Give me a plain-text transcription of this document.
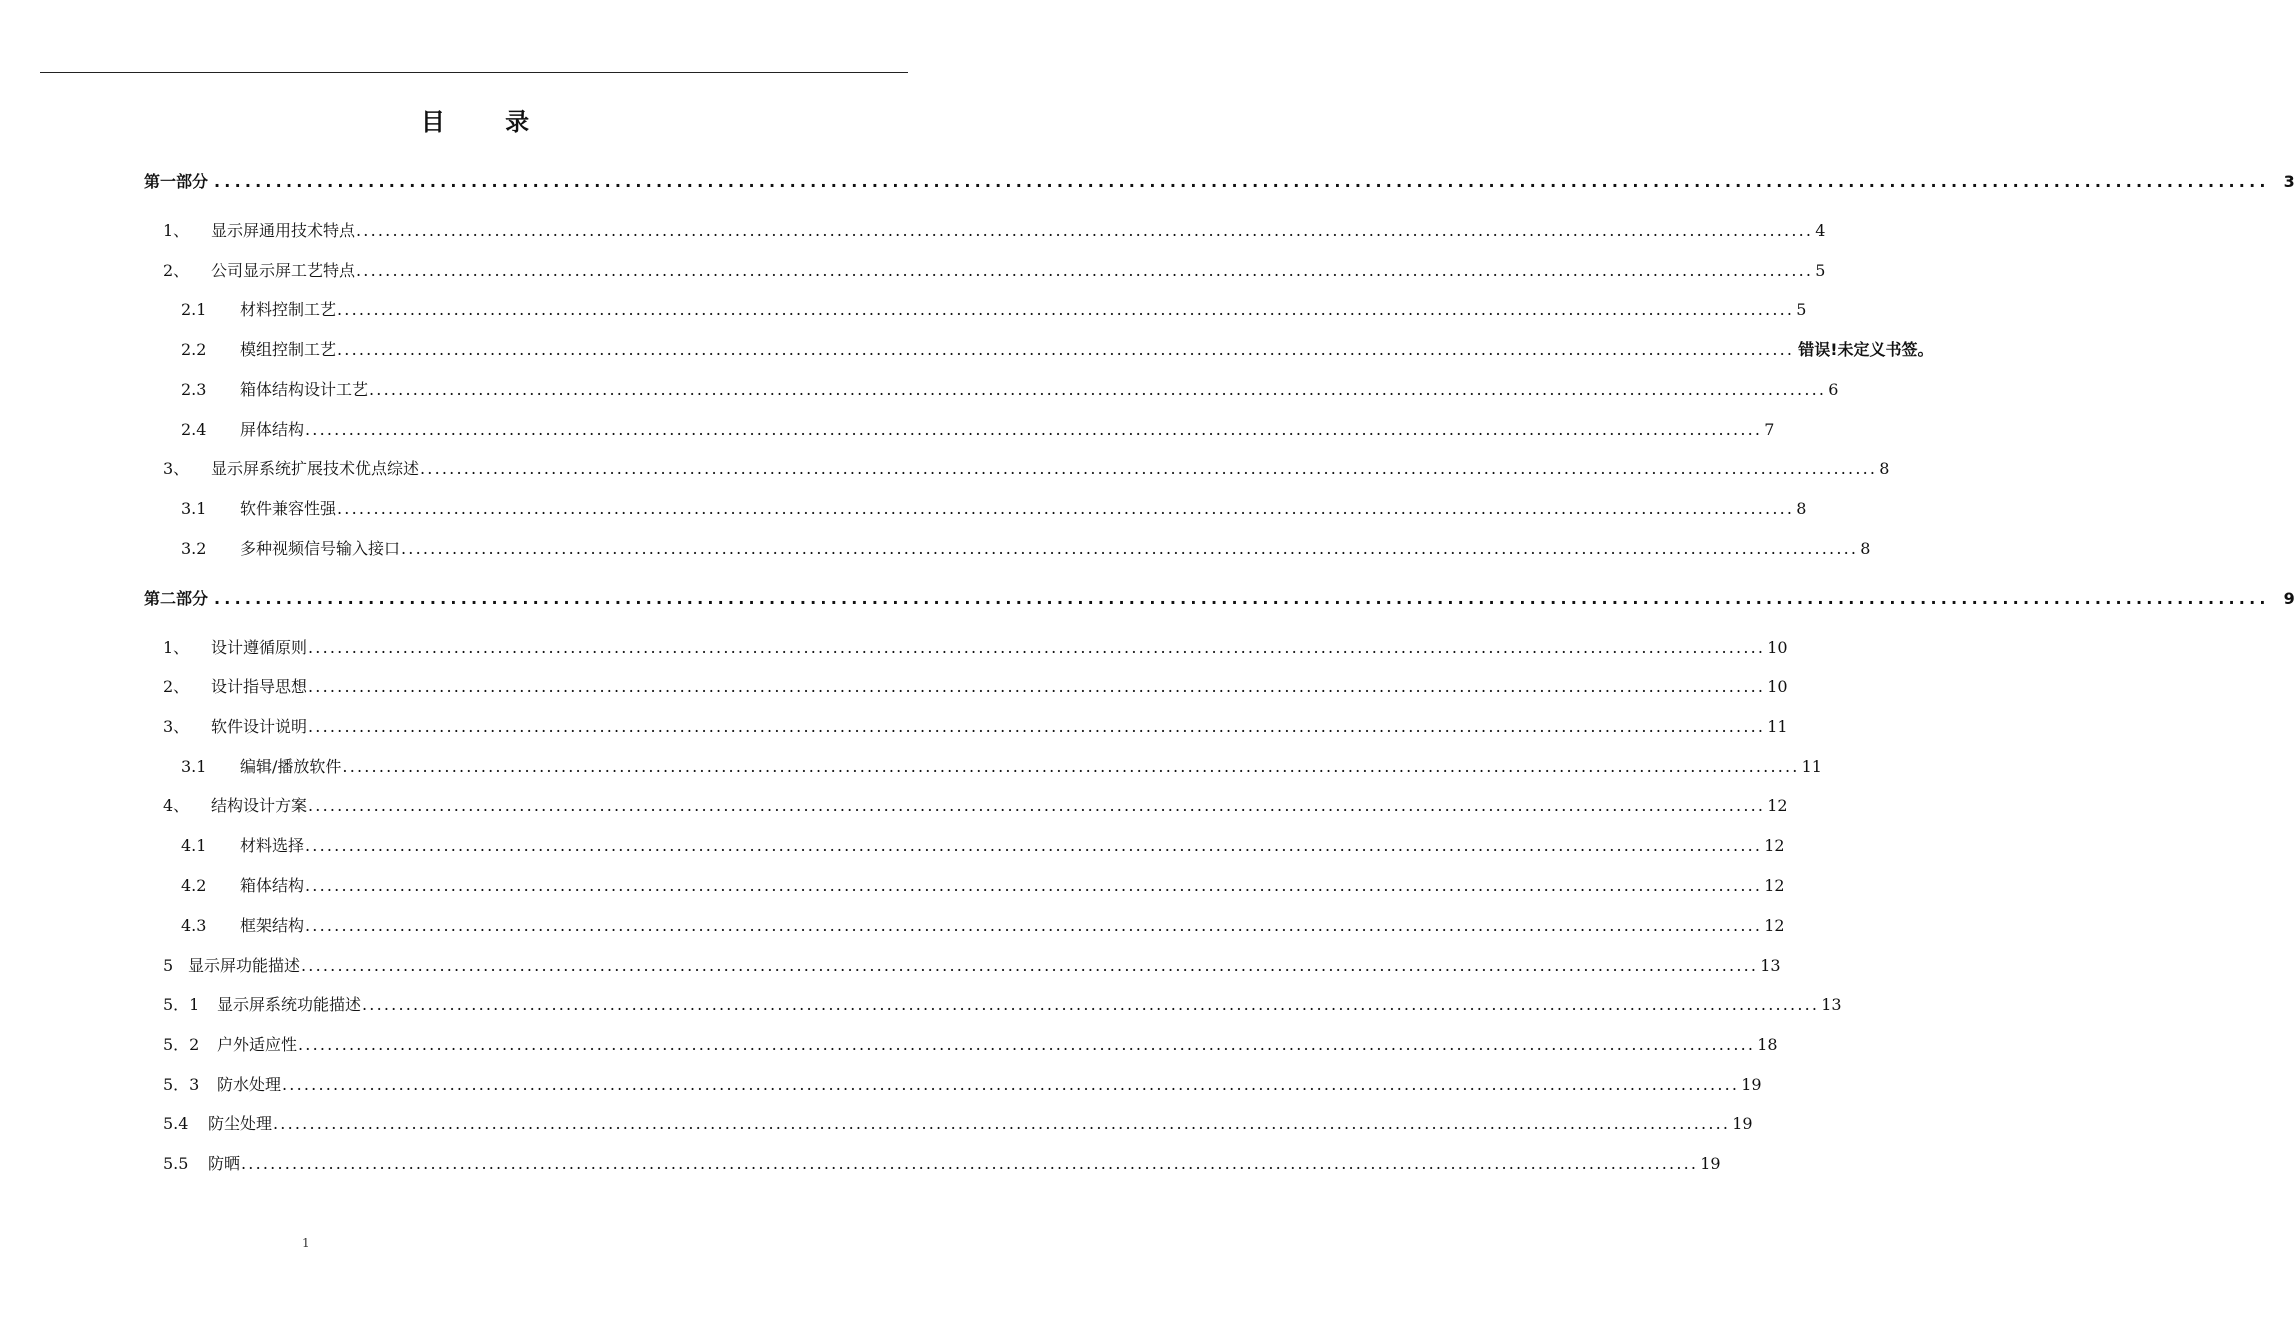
目 录
第一部分 ........................................................................................................................................................................................................ 3
1、	显示屏通用技术特点 ........................................................................................................................................................................................................ 4
2、	公司显示屏工艺特点 ........................................................................................................................................................................................................ 5
2.1	材料控制工艺 ........................................................................................................................................................................................................ 5
2.2	模组控制工艺 ........................................................................................................................................................................................................ 错误!未定义书签。
2.3	箱体结构设计工艺 ........................................................................................................................................................................................................ 6
2.4	屏体结构 ........................................................................................................................................................................................................ 7
3、	显示屏系统扩展技术优点综述 ........................................................................................................................................................................................................ 8
3.1	软件兼容性强 ........................................................................................................................................................................................................ 8
3.2	多种视频信号输入接口 ........................................................................................................................................................................................................ 8
第二部分 ........................................................................................................................................................................................................ 9
1、	设计遵循原则 ........................................................................................................................................................................................................ 10
2、	设计指导思想 ........................................................................................................................................................................................................ 10
3、	软件设计说明 ........................................................................................................................................................................................................ 11
3.1	编辑/播放软件 ........................................................................................................................................................................................................ 11
4、	结构设计方案 ........................................................................................................................................................................................................ 12
4.1	材料选择 ........................................................................................................................................................................................................ 12
4.2	箱体结构 ........................................................................................................................................................................................................ 12
4.3	框架结构 ........................................................................................................................................................................................................ 12
5 显示屏功能描述 ........................................................................................................................................................................................................ 13
5．1	显示屏系统功能描述 ........................................................................................................................................................................................................ 13
5．2	户外适应性 ........................................................................................................................................................................................................ 18
5．3	防水处理 ........................................................................................................................................................................................................ 19
5.4	防尘处理 ........................................................................................................................................................................................................ 19
5.5	防晒 ........................................................................................................................................................................................................ 19
1
